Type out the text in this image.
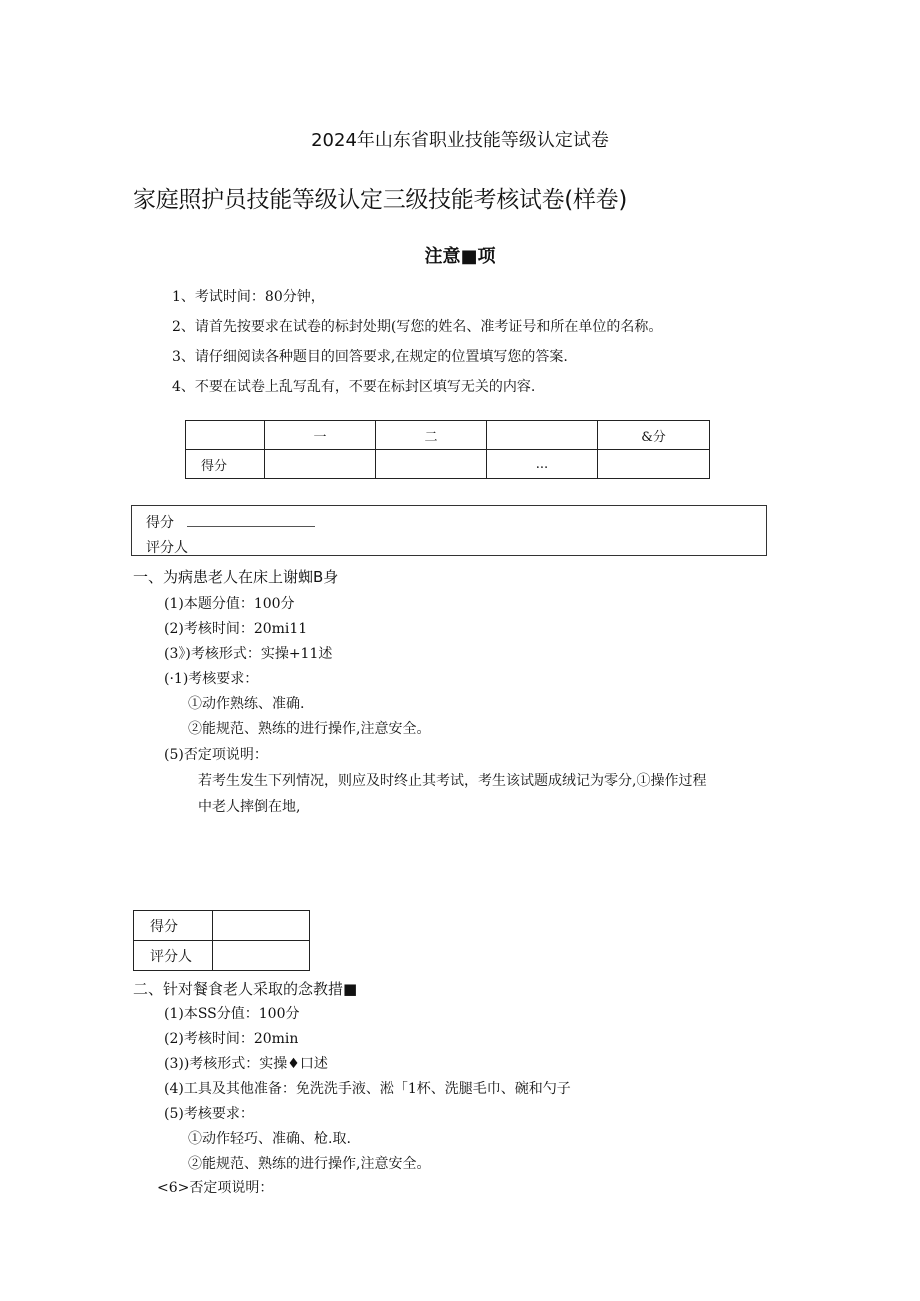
2024年山东省职业技能等级认定试卷
家庭照护员技能等级认定三级技能考核试卷(样卷)
注意■项
1、考试时间：80分钟，
2、请首先按要求在试卷的标封处期(写您的姓名、准考证号和所在单位的名称。
3、请仔细阅读各种题目的回答要求,在规定的位置填写您的答案.
4、不要在试卷上乱写乱有，不要在标封区填写无关的内容.
	一	二		&分
得分			...	
得分
评分人
一、为病患老人在床上谢蜘B身
(1)本题分值：100分
(2)考核时间：20mi11
(3》)考核形式：实操+11述
(·1)考核要求：
①动作熟练、准确.
②能规范、熟练的进行操作,注意安全。
(5)否定项说明：
若考生发生下列情况，则应及时终止其考试，考生该试题成绒记为零分,①操作过程
中老人摔倒在地,
得分	
评分人	
二、针对餐食老人采取的念教措■
(1)本SS分值：100分
(2)考核时间：20min
(3))考核形式：实操♦口述
(4)工具及其他准备：免洗洗手液、淞「1杯、洗腿毛巾、碗和勺子
(5)考核要求：
①动作轻巧、准确、枪.取.
②能规范、熟练的进行操作,注意安全。
<6>否定项说明：
